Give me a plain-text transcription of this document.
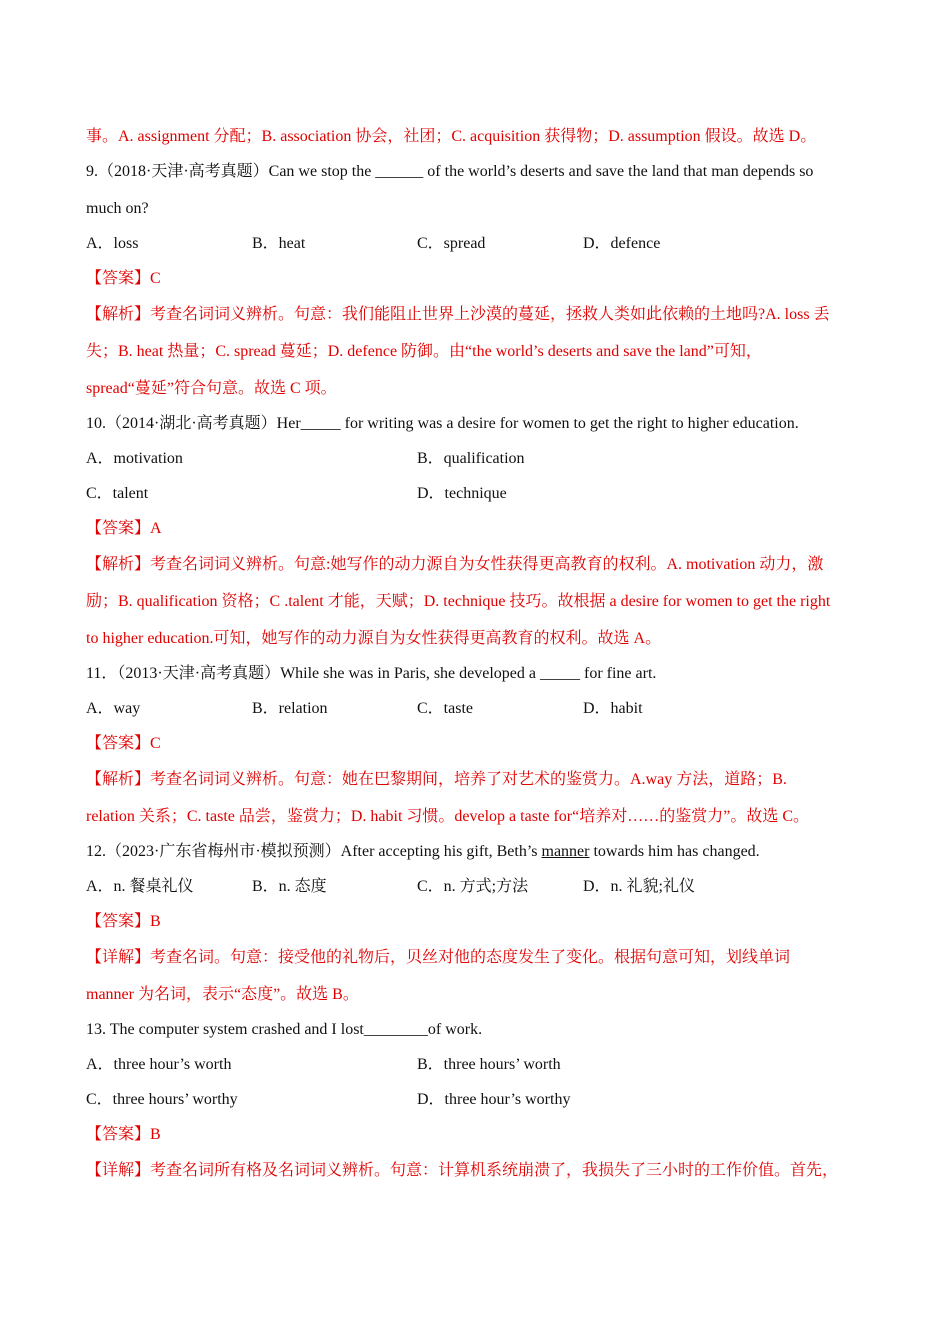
事。A. assignment 分配；B. association 协会，社团；C. acquisition 获得物；D. assumption 假设。故选 D。
9.（2018·天津·高考真题）Can we stop the ______ of the world’s deserts and save the land that man depends so
much on?
A．loss	B．heat	C．spread	D．defence
【答案】C
【解析】考查名词词义辨析。句意：我们能阻止世界上沙漠的蔓延，拯救人类如此依赖的土地吗?A. loss 丢
失；B. heat 热量；C. spread 蔓延；D. defence 防御。由“the world’s deserts and save the land”可知，
spread“蔓延”符合句意。故选 C 项。
10.（2014·湖北·高考真题）Her_____ for writing was a desire for women to get the right to higher education.
A．motivation	B．qualification
C．talent	D．technique
【答案】A
【解析】考查名词词义辨析。句意:她写作的动力源自为女性获得更高教育的权利。A. motivation 动力，激
励；B. qualification 资格；C .talent 才能，天赋；D. technique 技巧。故根据 a desire for women to get the right
to higher education.可知，她写作的动力源自为女性获得更高教育的权利。故选 A。
11．（2013·天津·高考真题）While she was in Paris, she developed a _____ for fine art.
A．way	B．relation	C．taste	D．habit
【答案】C
【解析】考查名词词义辨析。句意：她在巴黎期间，培养了对艺术的鉴赏力。A.way 方法，道路；B.
relation 关系；C. taste 品尝，鉴赏力；D. habit 习惯。develop a taste for“培养对……的鉴赏力”。故选 C。
12.（2023·广东省梅州市·模拟预测）After accepting his gift, Beth’s manner towards him has changed.
A．n. 餐桌礼仪	B．n. 态度	C．n. 方式;方法	D．n. 礼貌;礼仪
【答案】B
【详解】考查名词。句意：接受他的礼物后，贝丝对他的态度发生了变化。根据句意可知，划线单词
manner 为名词，表示“态度”。故选 B。
13. The computer system crashed and I lost________of work.
A．three hour’s worth	B．three hours’ worth
C．three hours’ worthy	D．three hour’s worthy
【答案】B
【详解】考查名词所有格及名词词义辨析。句意：计算机系统崩溃了，我损失了三小时的工作价值。首先，
